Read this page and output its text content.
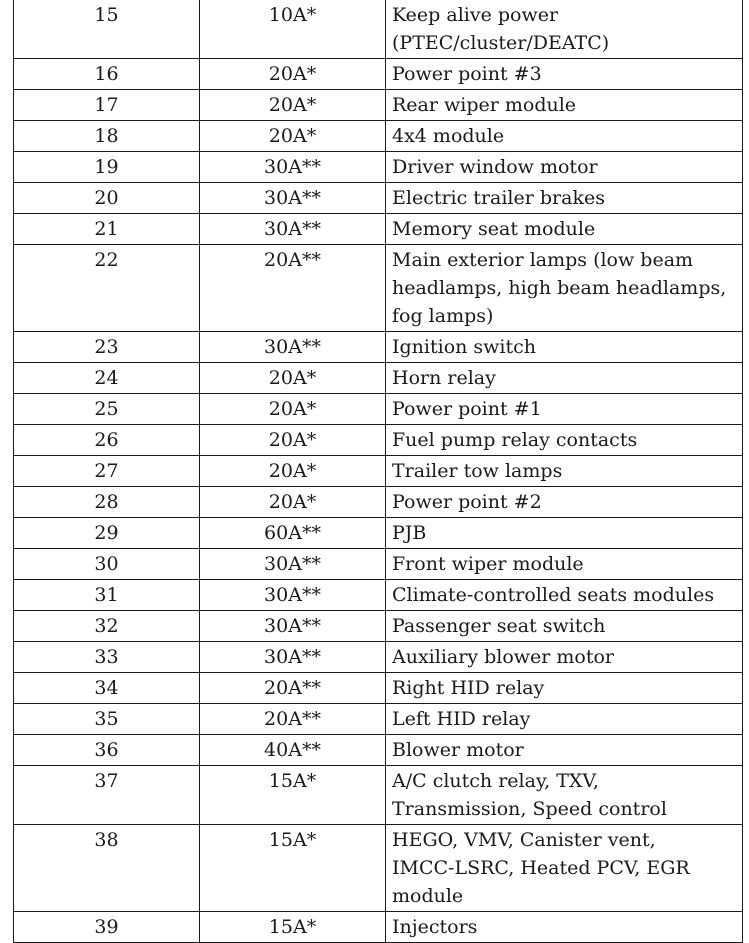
15	10A*	Keep alive power
(PTEC/cluster/DEATC)

16	20A*	Power point #3

17	20A*	Rear wiper module

18	20A*	4x4 module

19	30A**	Driver window motor

20	30A**	Electric trailer brakes

21	30A**	Memory seat module

22	20A**	Main exterior lamps (low beam
headlamps, high beam headlamps,
fog lamps)

23	30A**	Ignition switch

24	20A*	Horn relay

25	20A*	Power point #1

26	20A*	Fuel pump relay contacts

27	20A*	Trailer tow lamps

28	20A*	Power point #2

29	60A**	PJB

30	30A**	Front wiper module

31	30A**	Climate-controlled seats modules

32	30A**	Passenger seat switch

33	30A**	Auxiliary blower motor

34	20A**	Right HID relay

35	20A**	Left HID relay

36	40A**	Blower motor

37	15A*	A/C clutch relay, TXV,
Transmission, Speed control

38	15A*	HEGO, VMV, Canister vent,
IMCC-LSRC, Heated PCV, EGR
module

39	15A*	Injectors
